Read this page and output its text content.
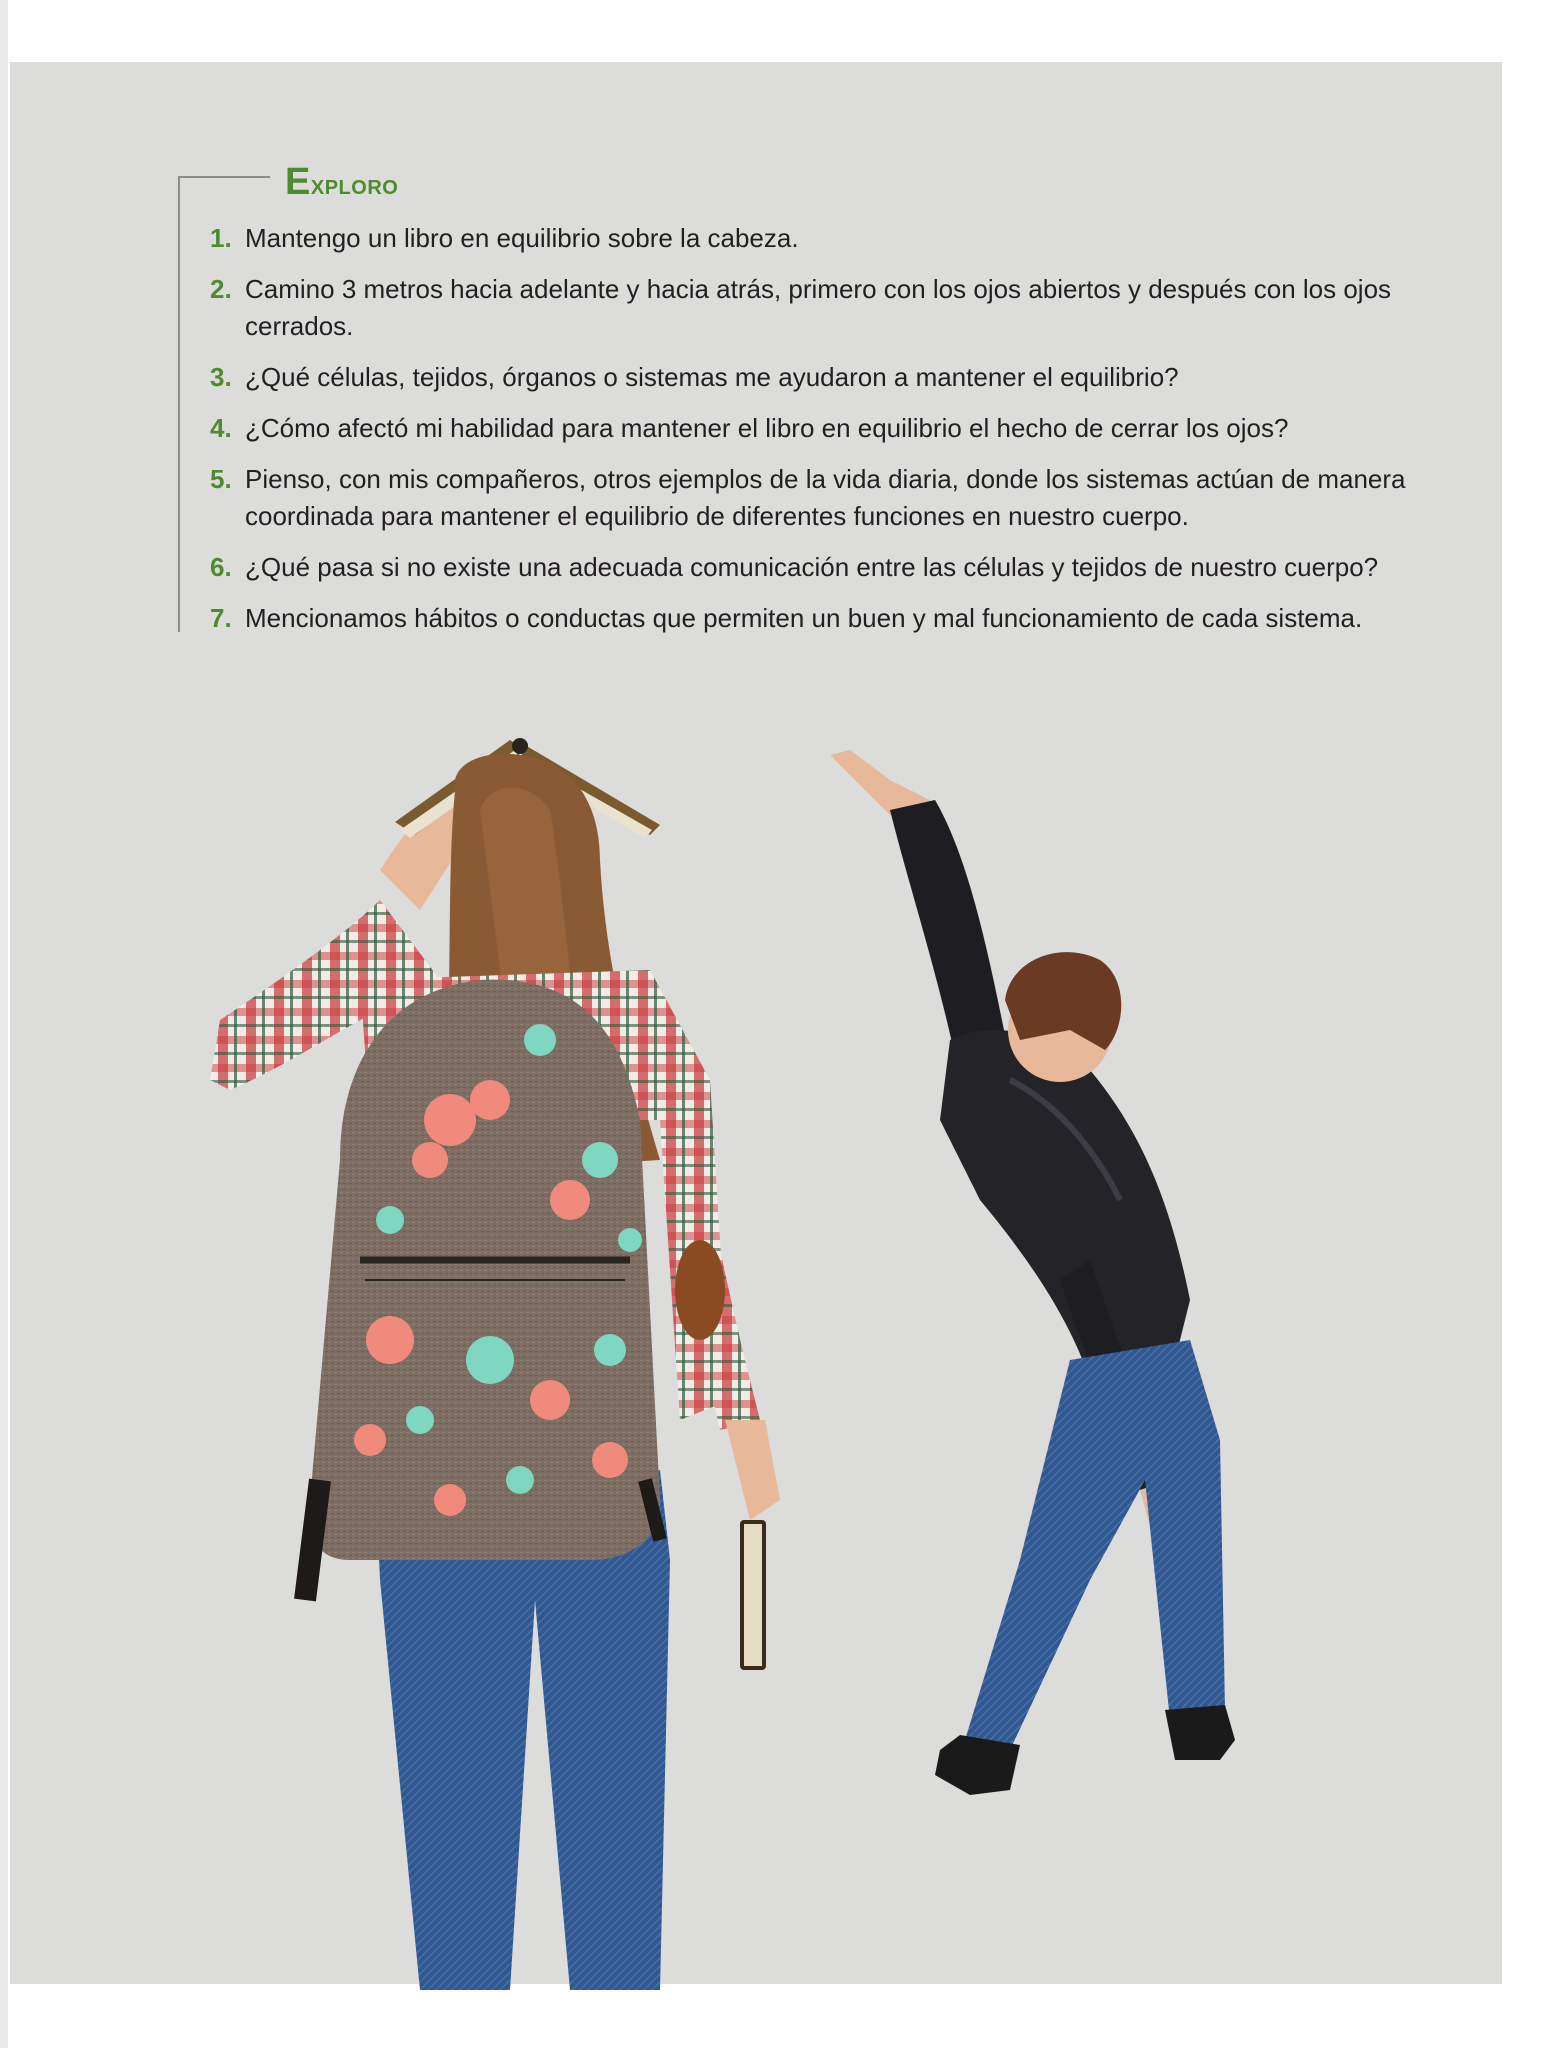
Exploro
1. Mantengo un libro en equilibrio sobre la cabeza.
2. Camino 3 metros hacia adelante y hacia atrás, primero con los ojos abiertos y después con los ojos cerrados.
3. ¿Qué células, tejidos, órganos o sistemas me ayudaron a mantener el equilibrio?
4. ¿Cómo afectó mi habilidad para mantener el libro en equilibrio el hecho de cerrar los ojos?
5. Pienso, con mis compañeros, otros ejemplos de la vida diaria, donde los sistemas actúan de manera coordinada para mantener el equilibrio de diferentes funciones en nuestro cuerpo.
6. ¿Qué pasa si no existe una adecuada comunicación entre las células y tejidos de nuestro cuerpo?
7. Mencionamos hábitos o conductas que permiten un buen y mal funcionamiento de cada sistema.
